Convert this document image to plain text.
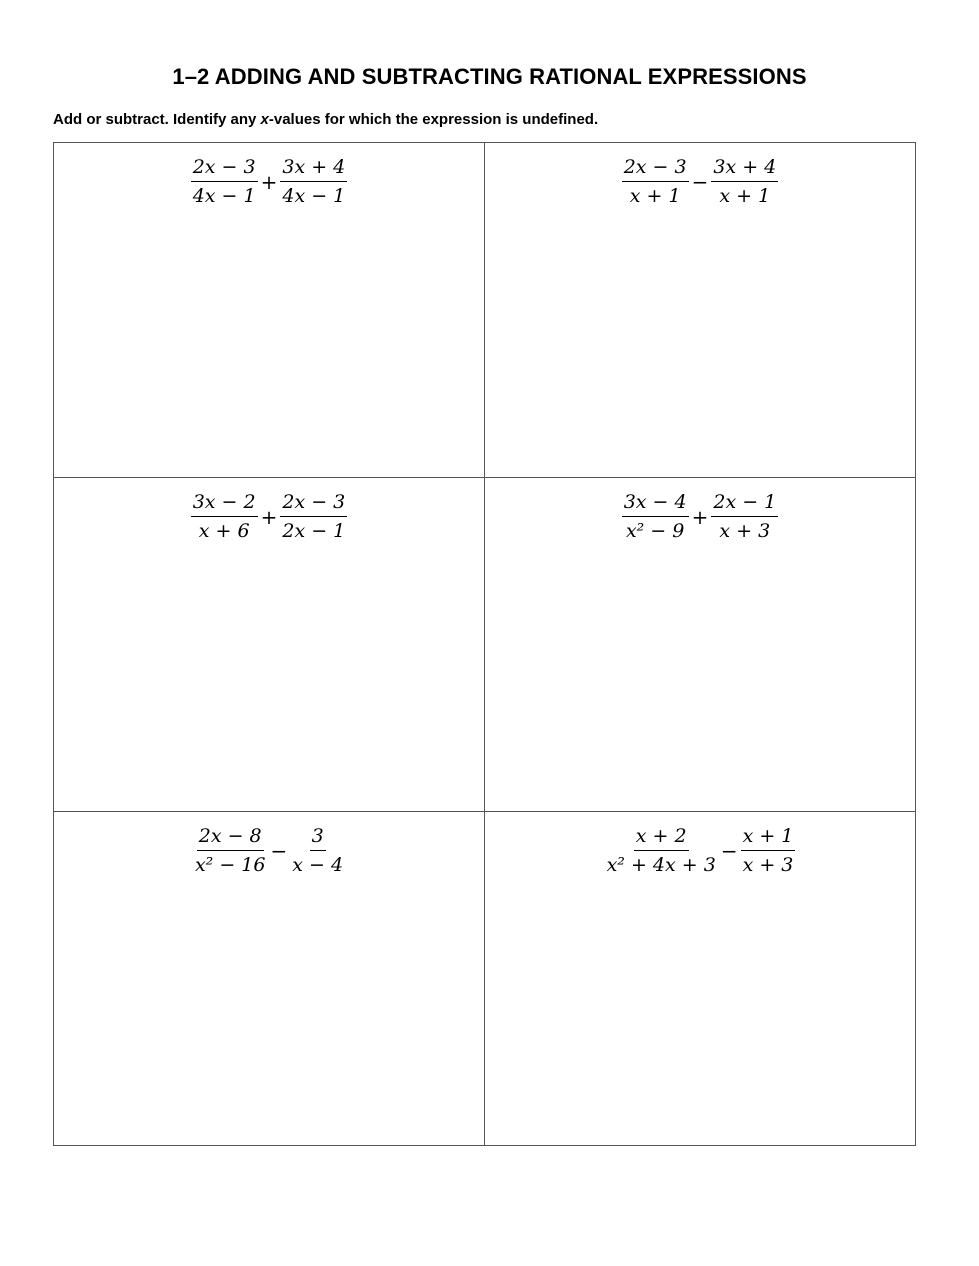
1–2 ADDING AND SUBTRACTING RATIONAL EXPRESSIONS
Add or subtract. Identify any x-values for which the expression is undefined.
$\frac{2x - 3}{4x - 1} + \frac{3x + 4}{4x - 1}$	$\frac{2x - 3}{x + 1} - \frac{3x + 4}{x + 1}$
$\frac{3x - 2}{x + 6} + \frac{2x - 3}{2x - 1}$	$\frac{3x - 4}{\text{x² − 9}} + \frac{2x - 1}{x + 3}$
$\frac{2x - 8}{\text{x² − 16}} - \frac{3}{x - 4}$	$\frac{x + 2}{\text{x² + 4x + 3}} - \frac{x + 1}{x + 3}$
